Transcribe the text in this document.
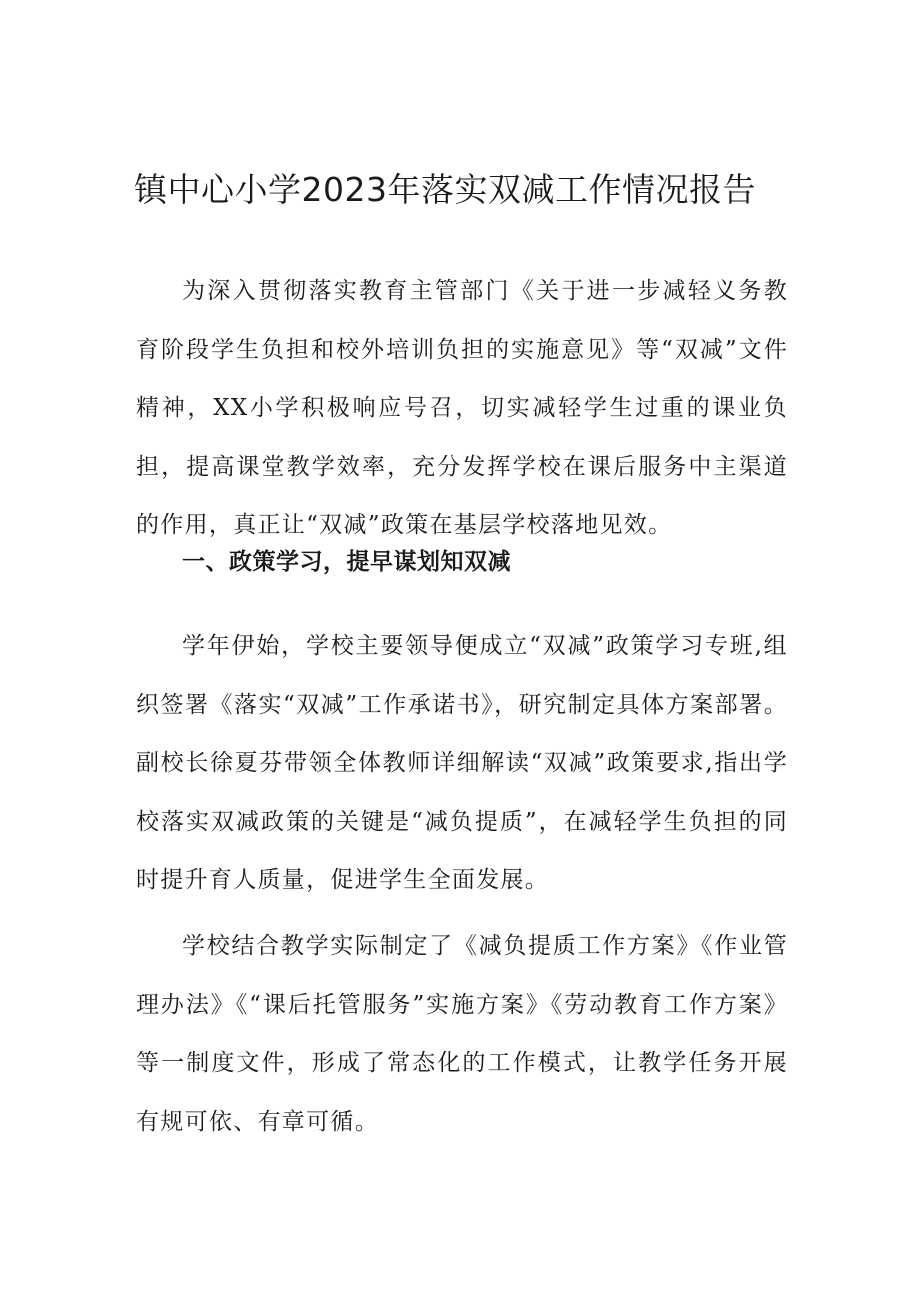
镇中心小学2023年落实双减工作情况报告

为深入贯彻落实教育主管部门《关于进一步减轻义务教育阶段学生负担和校外培训负担的实施意见》等“双减”文件精神，XX小学积极响应号召，切实减轻学生过重的课业负担，提高课堂教学效率，充分发挥学校在课后服务中主渠道的作用，真正让“双减”政策在基层学校落地见效。

一、政策学习，提早谋划知双减

学年伊始，学校主要领导便成立“双减”政策学习专班,组织签署《落实“双减”工作承诺书》，研究制定具体方案部署。副校长徐夏芬带领全体教师详细解读“双减”政策要求,指出学校落实双减政策的关键是“减负提质”，在减轻学生负担的同时提升育人质量，促进学生全面发展。

学校结合教学实际制定了《减负提质工作方案》《作业管理办法》《“课后托管服务”实施方案》《劳动教育工作方案》等一制度文件，形成了常态化的工作模式，让教学任务开展有规可依、有章可循。
